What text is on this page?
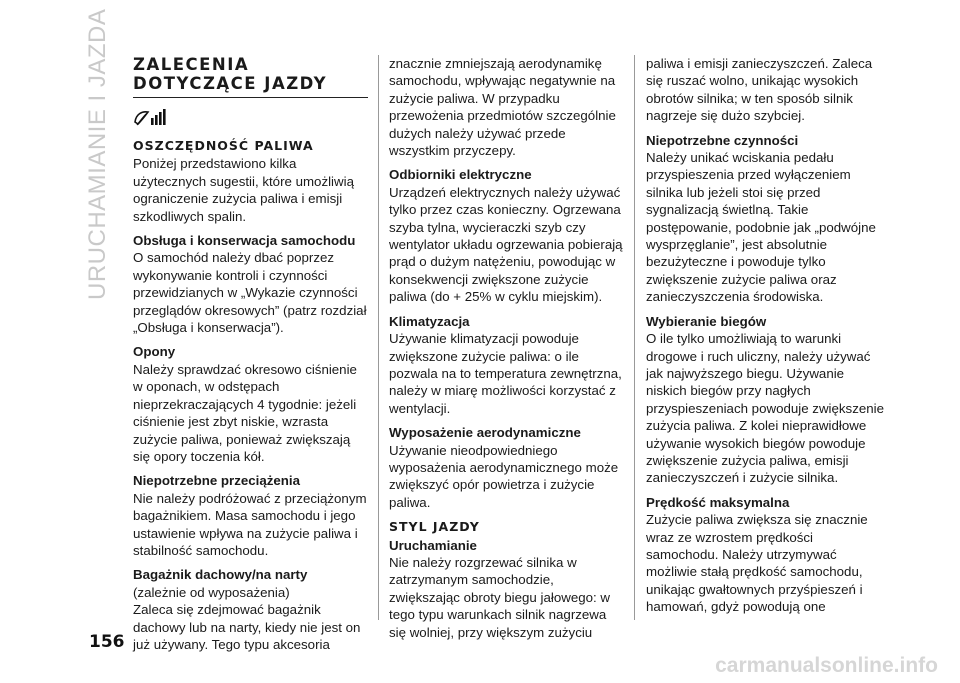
URUCHAMIANIE I JAZDA ZALECENIA
DOTYCZĄCE JAZDY
OSZCZĘDNOŚĆ PALIWA

Poniżej przedstawiono kilka użytecznych sugestii, które umożliwią ograniczenie zużycia paliwa i emisji szkodliwych spalin.

Obsługa i konserwacja samochodu

O samochód należy dbać poprzez wykonywanie kontroli i czynności przewidzianych w „Wykazie czynności przeglądów okresowych” (patrz rozdział „Obsługa i konserwacja”).

Opony

Należy sprawdzać okresowo ciśnienie w oponach, w odstępach nieprzekraczających 4 tygodnie: jeżeli ciśnienie jest zbyt niskie, wzrasta zużycie paliwa, ponieważ zwiększają się opory toczenia kół.

Niepotrzebne przeciążenia

Nie należy podróżować z przeciążonym bagażnikiem. Masa samochodu i jego ustawienie wpływa na zużycie paliwa i stabilność samochodu.

Bagażnik dachowy/na narty
(zależnie od wyposażenia)

Zaleca się zdejmować bagażnik dachowy lub na narty, kiedy nie jest on już używany. Tego typu akcesoria

znacznie zmniejszają aerodynamikę samochodu, wpływając negatywnie na zużycie paliwa. W przypadku przewożenia przedmiotów szczególnie dużych należy używać przede wszystkim przyczepy.

Odbiorniki elektryczne

Urządzeń elektrycznych należy używać tylko przez czas konieczny. Ogrzewana szyba tylna, wycieraczki szyb czy wentylator układu ogrzewania pobierają prąd o dużym natężeniu, powodując w konsekwencji zwiększone zużycie paliwa (do + 25% w cyklu miejskim).

Klimatyzacja

Używanie klimatyzacji powoduje zwiększone zużycie paliwa: o ile pozwala na to temperatura zewnętrzna, należy w miarę możliwości korzystać z wentylacji.

Wyposażenie aerodynamiczne

Używanie nieodpowiedniego wyposażenia aerodynamicznego może zwiększyć opór powietrza i zużycie paliwa.

STYL JAZDY
Uruchamianie

Nie należy rozgrzewać silnika w zatrzymanym samochodzie, zwiększając obroty biegu jałowego: w tego typu warunkach silnik nagrzewa się wolniej, przy większym zużyciu

paliwa i emisji zanieczyszczeń. Zaleca się ruszać wolno, unikając wysokich obrotów silnika; w ten sposób silnik nagrzeje się dużo szybciej.

Niepotrzebne czynności

Należy unikać wciskania pedału przyspieszenia przed wyłączeniem silnika lub jeżeli stoi się przed sygnalizacją świetlną. Takie postępowanie, podobnie jak „podwójne wysprzęglanie”, jest absolutnie bezużyteczne i powoduje tylko zwiększenie zużycie paliwa oraz zanieczyszczenia środowiska.

Wybieranie biegów

O ile tylko umożliwiają to warunki drogowe i ruch uliczny, należy używać jak najwyższego biegu. Używanie niskich biegów przy nagłych przyspieszeniach powoduje zwiększenie zużycia paliwa. Z kolei nieprawidłowe używanie wysokich biegów powoduje zwiększenie zużycia paliwa, emisji zanieczyszczeń i zużycie silnika.

Prędkość maksymalna

Zużycie paliwa zwiększa się znacznie wraz ze wzrostem prędkości samochodu. Należy utrzymywać możliwie stałą prędkość samochodu, unikając gwałtownych przyśpieszeń i hamowań, gdyż powodują one

156
carmanualsonline.info
